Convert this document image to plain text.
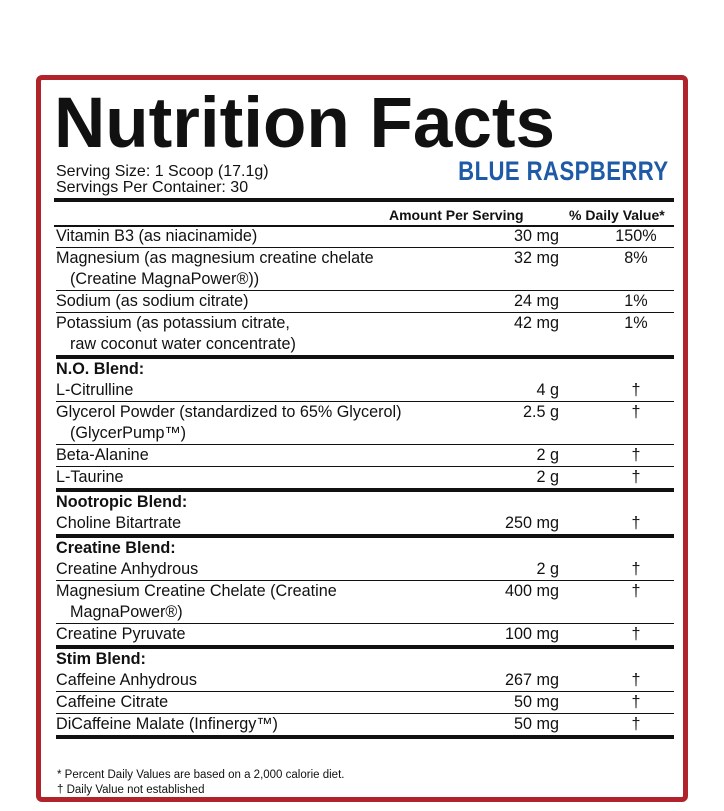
Nutrition Facts
Serving Size: 1 Scoop (17.1g)
Servings Per Container: 30
BLUE RASPBERRY
Amount Per Serving	% Daily Value*
Vitamin B3 (as niacinamide)	30 mg	150%
Magnesium (as magnesium creatine chelate
(Creatine MagnaPower®))
32 mg	8%
Sodium (as sodium citrate)	24 mg	1%
Potassium (as potassium citrate,
raw coconut water concentrate)
42 mg	1%
N.O. Blend:
L-Citrulline	4 g	†
Glycerol Powder (standardized to 65% Glycerol)
(GlycerPump™)
2.5 g	†
Beta-Alanine	2 g	†
L-Taurine	2 g	†
Nootropic Blend:
Choline Bitartrate	250 mg	†
Creatine Blend:
Creatine Anhydrous	2 g	†
Magnesium Creatine Chelate (Creatine
MagnaPower®)
400 mg	†
Creatine Pyruvate	100 mg	†
Stim Blend:
Caffeine Anhydrous	267 mg	†
Caffeine Citrate	50 mg	†
DiCaffeine Malate (Infinergy™)	50 mg	†
* Percent Daily Values are based on a 2,000 calorie diet.
† Daily Value not established
